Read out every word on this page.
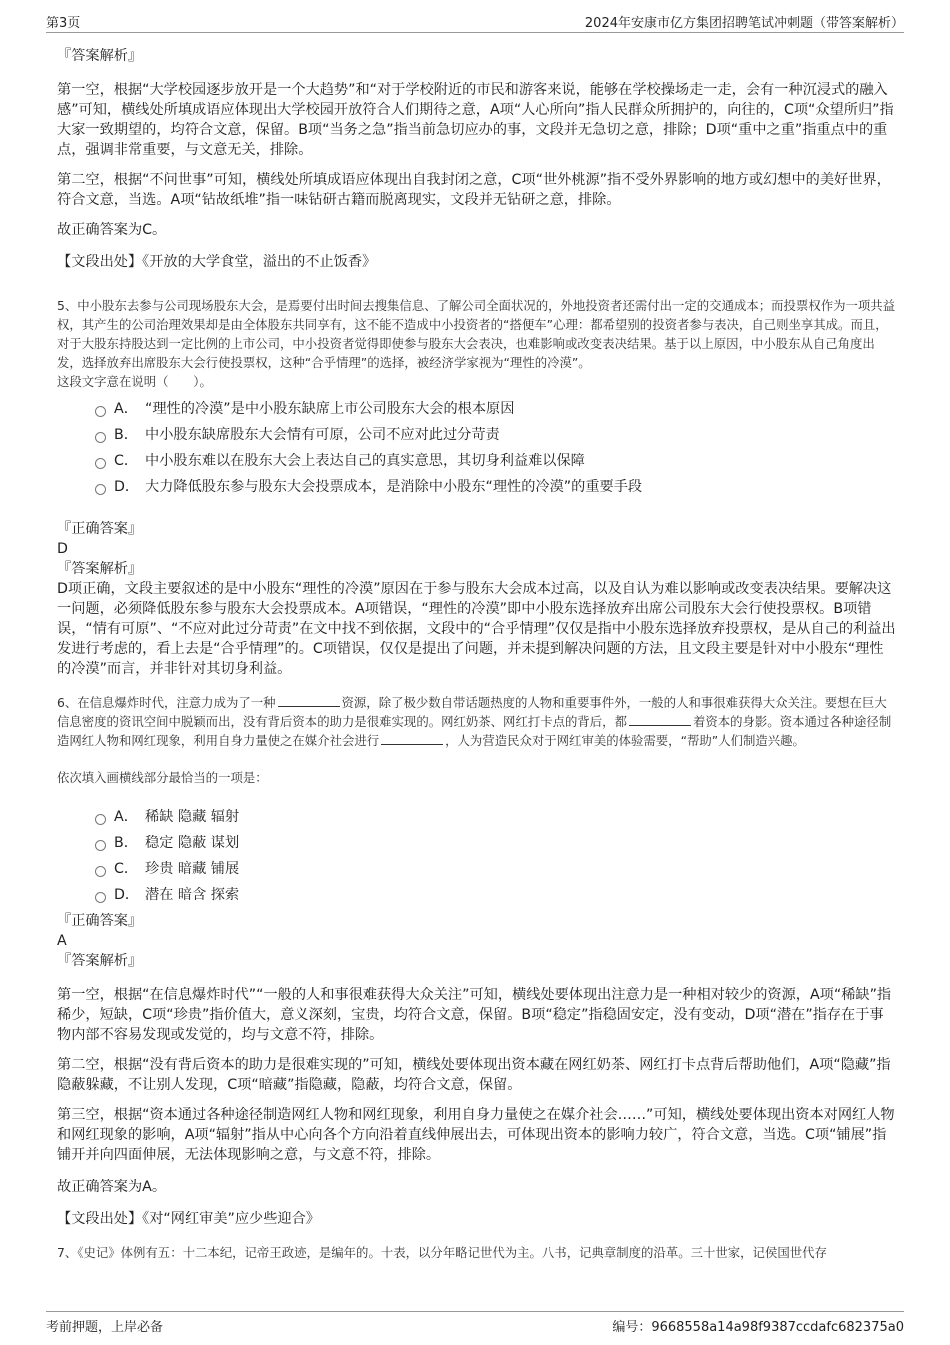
第3页	2024年安康市亿方集团招聘笔试冲刺题（带答案解析）

『答案解析』

第一空，根据“大学校园逐步放开是一个大趋势”和“对于学校附近的市民和游客来说，能够在学校操场走一走，会有一种沉浸式的融入感”可知，横线处所填成语应体现出大学校园开放符合人们期待之意，A项“人心所向”指人民群众所拥护的，向往的，C项“众望所归”指大家一致期望的，均符合文意，保留。B项“当务之急”指当前急切应办的事，文段并无急切之意，排除；D项“重中之重”指重点中的重点，强调非常重要，与文意无关，排除。

第二空，根据“不问世事”可知，横线处所填成语应体现出自我封闭之意，C项“世外桃源”指不受外界影响的地方或幻想中的美好世界，符合文意，当选。A项“钻故纸堆”指一味钻研古籍而脱离现实，文段并无钻研之意，排除。

故正确答案为C。

【文段出处】《开放的大学食堂，溢出的不止饭香》

5、中小股东去参与公司现场股东大会，是焉要付出时间去搜集信息、了解公司全面状况的，外地投资者还需付出一定的交通成本；而投票权作为一项共益权，其产生的公司治理效果却是由全体股东共同享有，这不能不造成中小投资者的“搭便车”心理：都希望别的投资者参与表决，自己则坐享其成。而且，对于大股东持股达到一定比例的上市公司，中小投资者觉得即使参与股东大会表决，也难影响或改变表决结果。基于以上原因，中小股东从自己角度出发，选择放弃出席股东大会行使投票权，这种“合乎情理”的选择，被经济学家视为“理性的冷漠”。

这段文字意在说明（　　）。

A． “理性的冷漠”是中小股东缺席上市公司股东大会的根本原因
B． 中小股东缺席股东大会情有可原，公司不应对此过分苛责
C． 中小股东难以在股东大会上表达自己的真实意思，其切身利益难以保障
D． 大力降低股东参与股东大会投票成本，是消除中小股东“理性的冷漠”的重要手段

『正确答案』

D

『答案解析』

D项正确，文段主要叙述的是中小股东“理性的冷漠”原因在于参与股东大会成本过高，以及自认为难以影响或改变表决结果。要解决这一问题，必须降低股东参与股东大会投票成本。A项错误，“理性的冷漠”即中小股东选择放弃出席公司股东大会行使投票权。B项错误，“情有可原”、“不应对此过分苛责”在文中找不到依据，文段中的“合乎情理”仅仅是指中小股东选择放弃投票权，是从自己的利益出发进行考虑的，看上去是“合乎情理”的。C项错误，仅仅是提出了问题，并未提到解决问题的方法，且文段主要是针对中小股东“理性的冷漠”而言，并非针对其切身利益。

6、在信息爆炸时代，注意力成为了一种	资源，除了极少数自带话题热度的人物和重要事件外，一般的人和事很难获得大众关注。要想在巨大信息密度的资讯空间中脱颖而出，没有背后资本的助力是很难实现的。网红奶茶、网红打卡点的背后，都	着资本的身影。资本通过各种途径制造网红人物和网红现象，利用自身力量使之在媒介社会进行	，人为营造民众对于网红审美的体验需要，“帮助”人们制造兴趣。

依次填入画横线部分最恰当的一项是：

A． 稀缺 隐藏 辐射
B． 稳定 隐蔽 谋划
C． 珍贵 暗藏 铺展
D． 潜在 暗含 探索

『正确答案』

A

『答案解析』

第一空，根据“在信息爆炸时代”“一般的人和事很难获得大众关注”可知，横线处要体现出注意力是一种相对较少的资源，A项“稀缺”指稀少，短缺，C项“珍贵”指价值大，意义深刻，宝贵，均符合文意，保留。B项“稳定”指稳固安定，没有变动，D项“潜在”指存在于事物内部不容易发现或发觉的，均与文意不符，排除。

第二空，根据“没有背后资本的助力是很难实现的”可知，横线处要体现出资本藏在网红奶茶、网红打卡点背后帮助他们，A项“隐藏”指隐蔽躲藏，不让别人发现，C项“暗藏”指隐藏，隐蔽，均符合文意，保留。

第三空，根据“资本通过各种途径制造网红人物和网红现象，利用自身力量使之在媒介社会……”可知，横线处要体现出资本对网红人物和网红现象的影响，A项“辐射”指从中心向各个方向沿着直线伸展出去，可体现出资本的影响力较广，符合文意，当选。C项“铺展”指铺开并向四面伸展，无法体现影响之意，与文意不符，排除。

故正确答案为A。

【文段出处】《对“网红审美”应少些迎合》

7、《史记》体例有五：十二本纪，记帝王政迹，是编年的。十表，以分年略记世代为主。八书，记典章制度的沿革。三十世家，记侯国世代存

考前押题，上岸必备	编号：9668558a14a98f9387ccdafc682375a0
